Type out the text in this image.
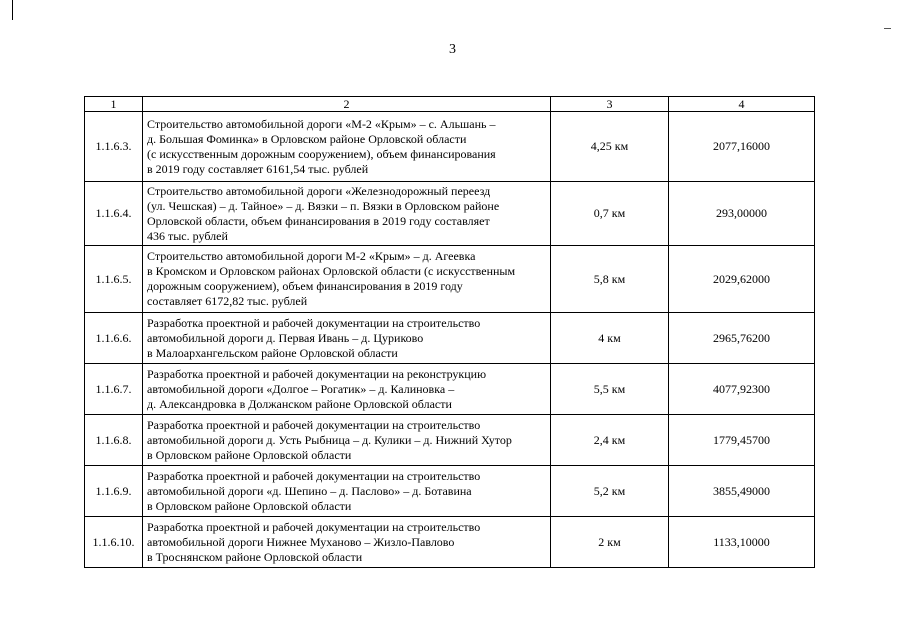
3
1	2	3	4
1.1.6.3.	Строительство автомобильной дороги «М-2 «Крым» – с. Альшань –
д. Большая Фоминка» в Орловском районе Орловской области
(с искусственным дорожным сооружением), объем финансирования
в 2019 году составляет 6161,54 тыс. рублей	4,25 км	2077,16000
1.1.6.4.	Строительство автомобильной дороги «Железнодорожный переезд
(ул. Чешская) – д. Тайное» – д. Вязки – п. Вязки в Орловском районе
Орловской области, объем финансирования в 2019 году составляет
436 тыс. рублей	0,7 км	293,00000
1.1.6.5.	Строительство автомобильной дороги М-2 «Крым» – д. Агеевка
в Кромском и Орловском районах Орловской области (с искусственным
дорожным сооружением), объем финансирования в 2019 году
составляет 6172,82 тыс. рублей	5,8 км	2029,62000
1.1.6.6.	Разработка проектной и рабочей документации на строительство
автомобильной дороги д. Первая Ивань – д. Цуриково
в Малоархангельском районе Орловской области	4 км	2965,76200
1.1.6.7.	Разработка проектной и рабочей документации на реконструкцию
автомобильной дороги «Долгое – Рогатик» – д. Калиновка –
д. Александровка в Должанском районе Орловской области	5,5 км	4077,92300
1.1.6.8.	Разработка проектной и рабочей документации на строительство
автомобильной дороги д. Усть Рыбница – д. Кулики – д. Нижний Хутор
в Орловском районе Орловской области	2,4 км	1779,45700
1.1.6.9.	Разработка проектной и рабочей документации на строительство
автомобильной дороги «д. Шепино – д. Паслово» – д. Ботавина
в Орловском районе Орловской области	5,2 км	3855,49000
1.1.6.10.	Разработка проектной и рабочей документации на строительство
автомобильной дороги Нижнее Муханово – Жизло-Павлово
в Троснянском районе Орловской области	2 км	1133,10000
